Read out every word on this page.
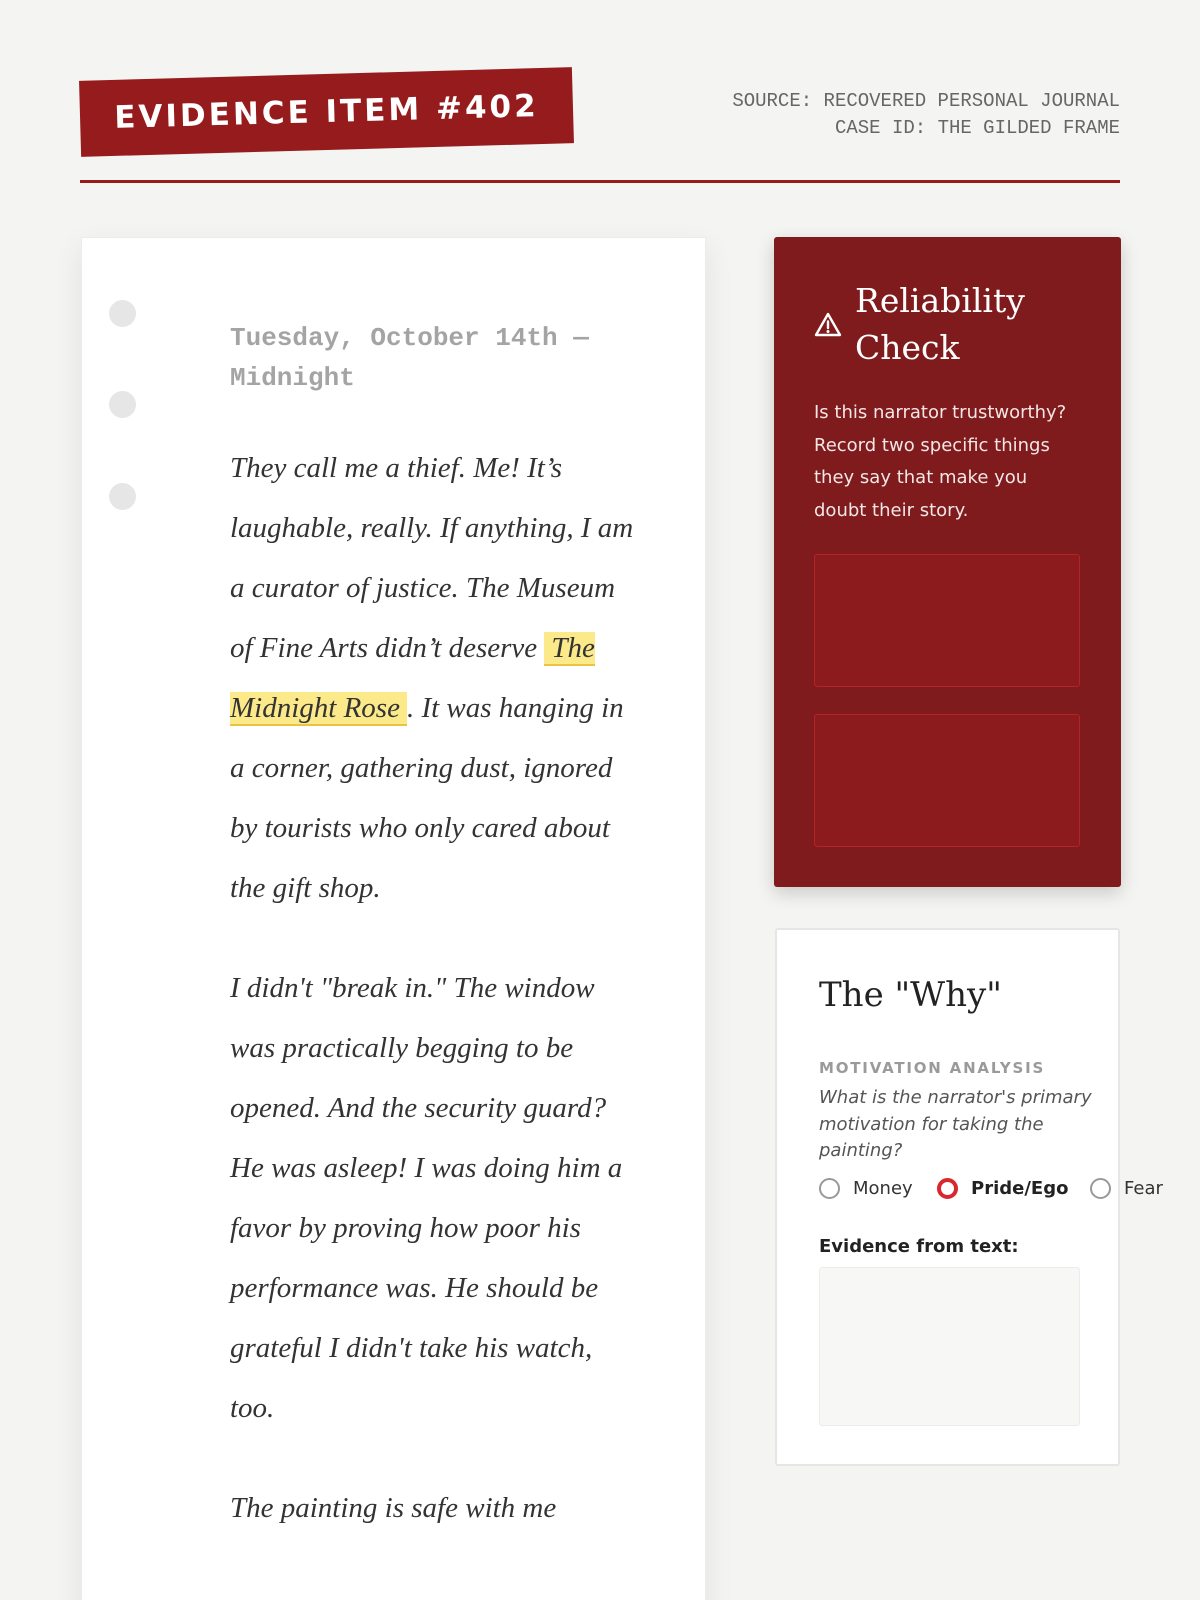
EVIDENCE ITEM #402	SOURCE: RECOVERED PERSONAL JOURNAL
CASE ID: THE GILDED FRAME
Tuesday, October 14th — Midnight

They call me a thief. Me! It’s laughable, really. If anything, I am a curator of justice. The Museum of Fine Arts didn’t deserve The Midnight Rose . It was hanging in a corner, gathering dust, ignored by tourists who only cared about the gift shop.

I didn't "break in." The window was practically begging to be opened. And the security guard? He was asleep! I was doing him a favor by proving how poor his performance was. He should be grateful I didn't take his watch, too.

The painting is safe with me

Reliability Check
Is this narrator trustworthy? Record two specific things they say that make you doubt their story.
The "Why"
MOTIVATION ANALYSIS
What is the narrator's primary motivation for taking the painting?
Money	Pride/Ego	Fear
Evidence from text:
